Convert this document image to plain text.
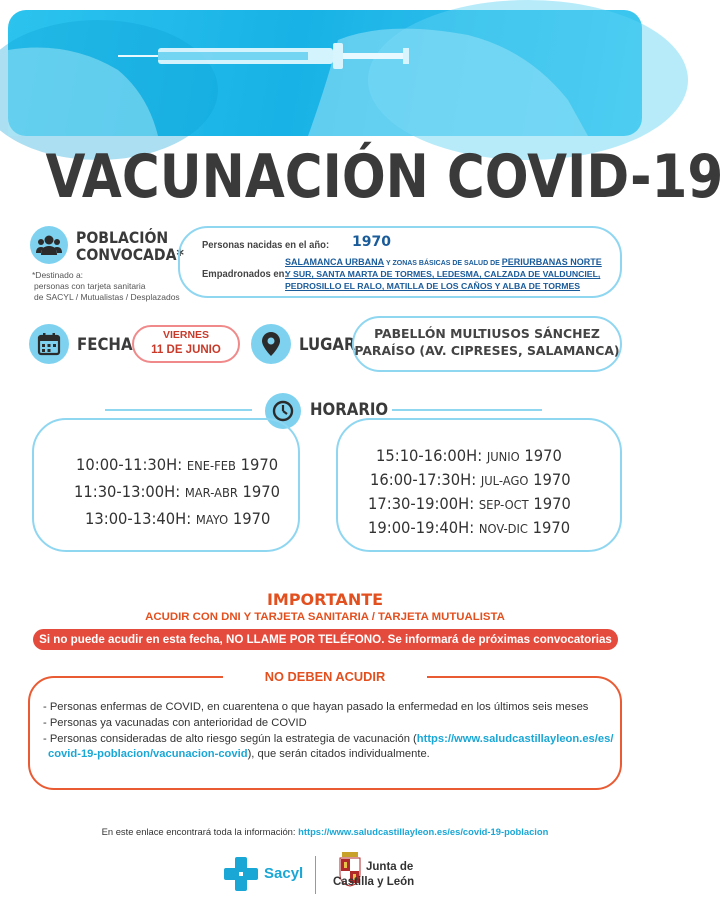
VACUNACIÓN COVID-19
POBLACIÓN
CONVOCADA*
*Destinado a:
personas con tarjeta sanitaria
de SACYL / Mutualistas / Desplazados
Personas nacidas en el año: 1970
Empadronados en:
SALAMANCA URBANA Y ZONAS BÁSICAS DE SALUD DE PERIURBANAS NORTE
Y SUR, SANTA MARTA DE TORMES, LEDESMA, CALZADA DE VALDUNCIEL,
PEDROSILLO EL RALO, MATILLA DE LOS CAÑOS Y ALBA DE TORMES
FECHA	VIERNES
11 DE JUNIO	LUGAR
PABELLÓN MULTIUSOS SÁNCHEZ
PARAÍSO (AV. CIPRESES, SALAMANCA)
HORARIO
10:00-11:30H: ENE-FEB 1970
11:30-13:00H: MAR-ABR 1970
13:00-13:40H: MAYO 1970
15:10-16:00H: JUNIO 1970
16:00-17:30H: JUL-AGO 1970
17:30-19:00H: SEP-OCT 1970
19:00-19:40H: NOV-DIC 1970
IMPORTANTE
ACUDIR CON DNI Y TARJETA SANITARIA / TARJETA MUTUALISTA
Si no puede acudir en esta fecha, NO LLAME POR TELÉFONO. Se informará de próximas convocatorias
NO DEBEN ACUDIR
- Personas enfermas de COVID, en cuarentena o que hayan pasado la enfermedad en los últimos seis meses
- Personas ya vacunadas con anterioridad de COVID
- Personas consideradas de alto riesgo según la estrategia de vacunación (https://www.saludcastillayleon.es/es/
covid-19-poblacion/vacunacion-covid), que serán citados individualmente.
En este enlace encontrará toda la información: https://www.saludcastillayleon.es/es/covid-19-poblacion
Sacyl	Junta de
Castilla y León
